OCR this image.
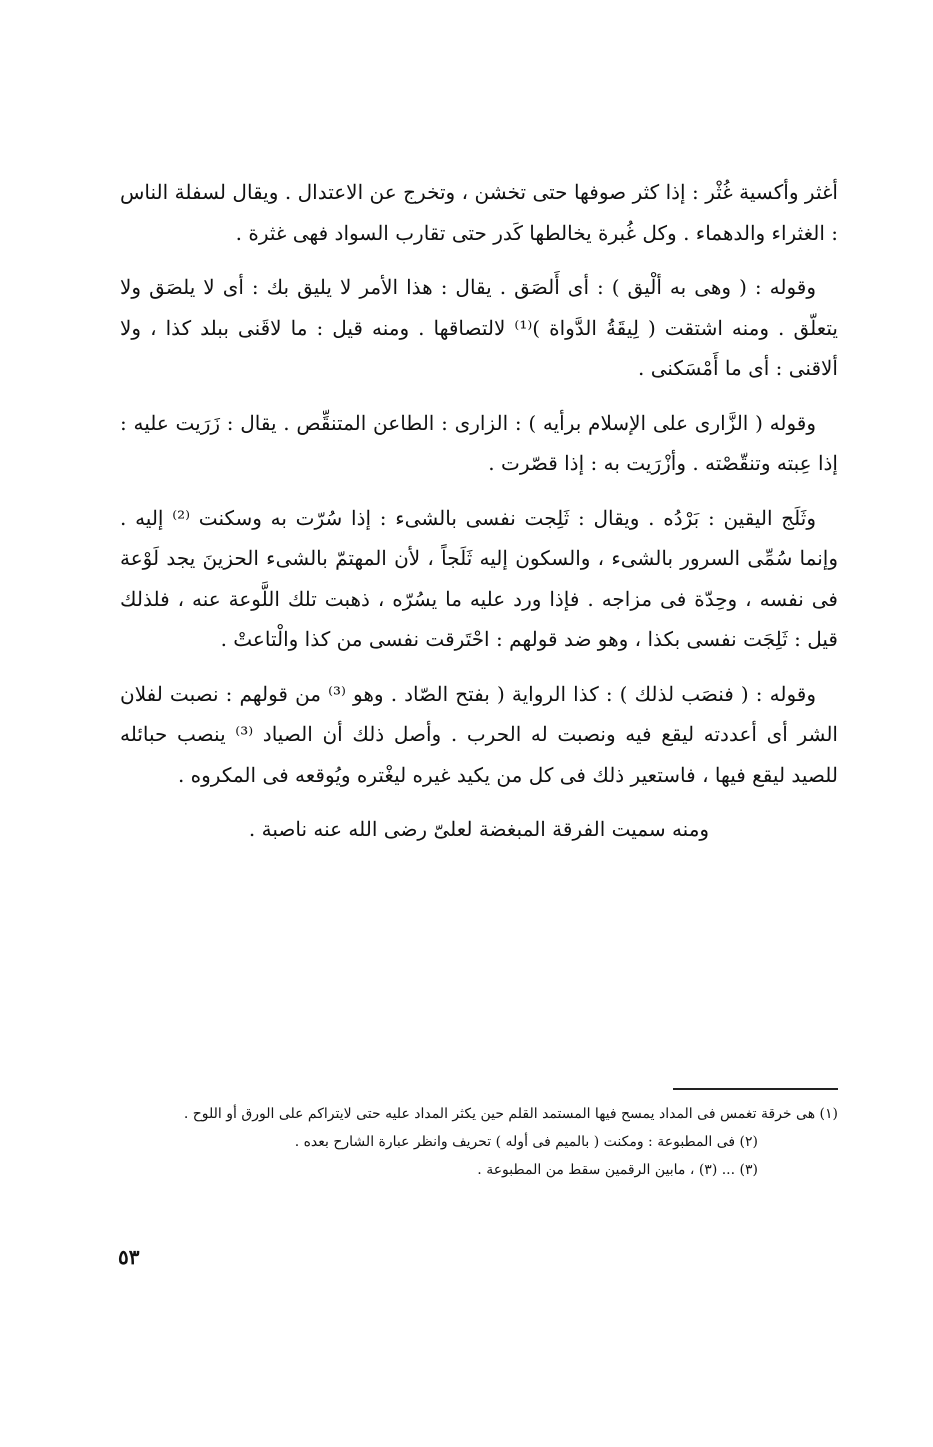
أغثر وأكسية غُثْر : إذا كثر صوفها حتى تخشن ، وتخرج عن الاعتدال . ويقال لسفلة الناس : الغثراء والدهماء . وكل غُبرة يخالطها كَدر حتى تقارب السواد فهى غثرة .

وقوله : ( وهى به ألْيق ) : أى أَلصَق . يقال : هذا الأمر لا يليق بك : أى لا يلصَق ولا يتعلّق . ومنه اشتقت ( لِيقَةُ الدَّواة )⁽¹⁾ لالتصاقها . ومنه قيل : ما لاقَنى ببلد كذا ، ولا ألاقنى : أى ما أَمْسَكنى .

وقوله ( الزَّارى على الإسلام برأيه ) : الزارى : الطاعن المتنقِّص . يقال : زَرَيت عليه : إذا عِبته وتنقّصْته . وأزْرَيت به : إذا قصّرت .

وثَلَج اليقين : بَرْدُه . ويقال : ثَلِجت نفسى بالشىء : إذا سُرّت به وسكنت ⁽²⁾ إليه . وإنما سُمِّى السرور بالشىء ، والسكون إليه ثَلَجاً ، لأن المهتمّ بالشىء الحزينَ يجد لَوْعة فى نفسه ، وحِدّة فى مزاجه . فإذا ورد عليه ما يسُرّه ، ذهبت تلك اللَّوعة عنه ، فلذلك قيل : ثَلِجَت نفسى بكذا ، وهو ضد قولهم : احْتَرقت نفسى من كذا والْتاعتْ .

وقوله : ( فنصَب لذلك ) : كذا الرواية ( بفتح الصّاد . وهو ⁽³⁾ من قولهم : نصبت لفلان الشر أى أعددته ليقع فيه ونصبت له الحرب . وأصل ذلك أن الصياد ⁽³⁾ ينصب حبائله للصيد ليقع فيها ، فاستعير ذلك فى كل من يكيد غيره ليغْتره ويُوقعه فى المكروه .

ومنه سميت الفرقة المبغضة لعلىّ رضى الله عنه ناصبة .

(١) هى خرقة تغمس فى المداد يمسح فيها المستمد القلم حين يكثر المداد عليه حتى لايتراكم على الورق أو اللوح .

(٢) فى المطبوعة : ومكنت ( بالميم فى أوله ) تحريف وانظر عبارة الشارح بعده .

(٣) ... (٣) ، مابين الرقمين سقط من المطبوعة .

٥٣
